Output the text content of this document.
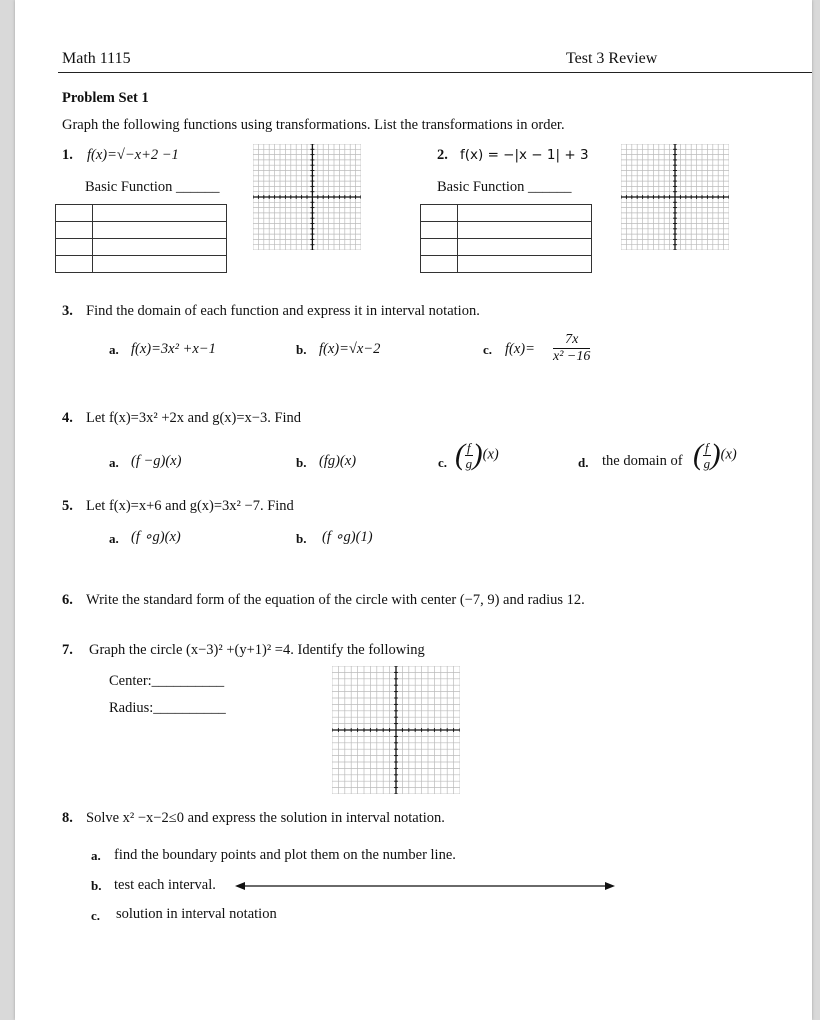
Math 1115	Test 3 Review
Problem Set 1
Graph the following functions using transformations. List the transformations in order.
1. f(x)=√−x+2 −1
Basic Function ______

2. f(x) = −|x − 1| + 3
Basic Function ______

3. Find the domain of each function and express it in interval notation.
a. f(x)=3x² +x−1	b. f(x)=√x−2	c. $f(x)= \frac{7x}{\text{x² −16}}$
4. Let f(x)=3x² +2x and g(x)=x−3. Find
a. (f −g)(x)	b. (fg)(x)	c. ( $\frac{f}{g} )(x)$	d. the domain of ( $\frac{f}{g} )(x)$
5. Let f(x)=x+6 and g(x)=3x² −7. Find
a. (f ∘g)(x)	b. (f ∘g)(1)
6. Write the standard form of the equation of the circle with center (−7, 9) and radius 12.
7. Graph the circle (x−3)² +(y+1)² =4. Identify the following
Center:__________
Radius:__________
8. Solve x² −x−2≤0 and express the solution in interval notation.
a. find the boundary points and plot them on the number line.
b. test each interval.
c. solution in interval notation
